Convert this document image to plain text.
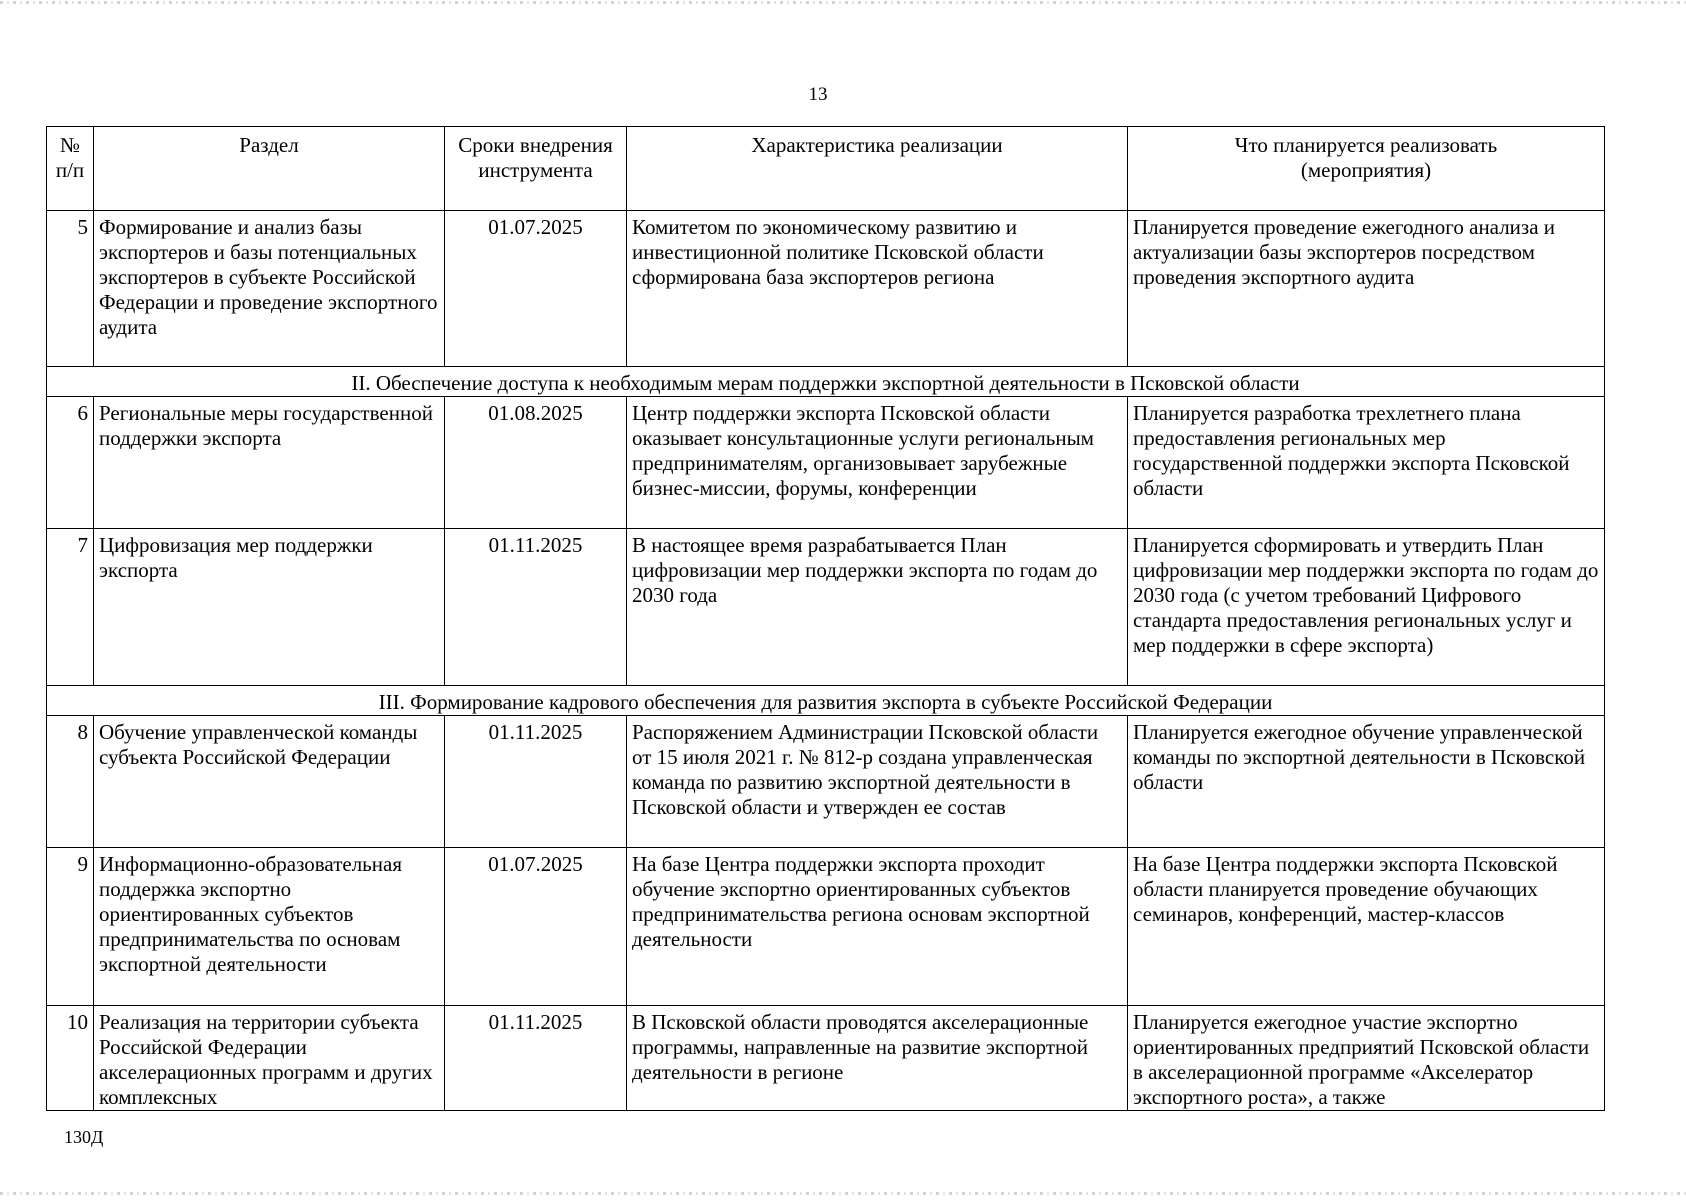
13
№ п/п	Раздел	Сроки внедрения инструмента	Характеристика реализации	Что планируется реализовать (мероприятия)
5	Формирование и анализ базы экспортеров и базы потенциальных экспортеров в субъекте Российской Федерации и проведение экспортного аудита	01.07.2025	Комитетом по экономическому развитию и инвестиционной политике Псковской области сформирована база экспортеров региона	Планируется проведение ежегодного анализа и актуализации базы экспортеров посредством проведения экспортного аудита
II. Обеспечение доступа к необходимым мерам поддержки экспортной деятельности в Псковской области				
6	Региональные меры государственной поддержки экспорта	01.08.2025	Центр поддержки экспорта Псковской области оказывает консультационные услуги региональным предпринимателям, организовывает зарубежные бизнес-миссии, форумы, конференции	Планируется разработка трехлетнего плана предоставления региональных мер государственной поддержки экспорта Псковской области
7	Цифровизация мер поддержки экспорта	01.11.2025	В настоящее время разрабатывается План цифровизации мер поддержки экспорта по годам до 2030 года	Планируется сформировать и утвердить План цифровизации мер поддержки экспорта по годам до 2030 года (с учетом требований Цифрового стандарта предоставления региональных услуг и мер поддержки в сфере экспорта)
III. Формирование кадрового обеспечения для развития экспорта в субъекте Российской Федерации				
8	Обучение управленческой команды субъекта Российской Федерации	01.11.2025	Распоряжением Администрации Псковской области от 15 июля 2021 г. № 812-р создана управленческая команда по развитию экспортной деятельности в Псковской области и утвержден ее состав	Планируется ежегодное обучение управленческой команды по экспортной деятельности в Псковской области
9	Информационно-образовательная поддержка экспортно ориентированных субъектов предпринимательства по основам экспортной деятельности	01.07.2025	На базе Центра поддержки экспорта проходит обучение экспортно ориентированных субъектов предпринимательства региона основам экспортной деятельности	На базе Центра поддержки экспорта Псковской области планируется проведение обучающих семинаров, конференций, мастер-классов
10	Реализация на территории субъекта Российской Федерации акселерационных программ и других комплексных	01.11.2025	В Псковской области проводятся акселерационные программы, направленные на развитие экспортной деятельности в регионе	Планируется ежегодное участие экспортно ориентированных предприятий Псковской области в акселерационной программе «Акселератор экспортного роста», а также
130Д
